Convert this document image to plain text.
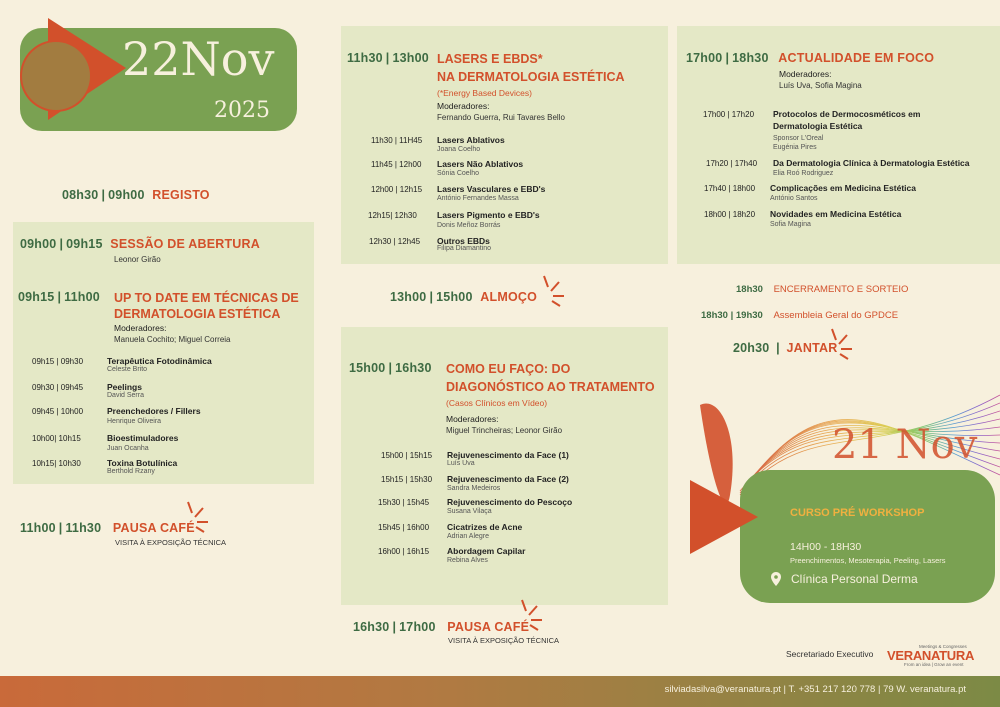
22Nov
2025
08h30 | 09h00 REGISTO
09h00 | 09h15 SESSÃO DE ABERTURA
Leonor Girão
09h15 | 11h00 UP TO DATE EM TÉCNICAS DE
DERMATOLOGIA ESTÉTICA
Moderadores:
Manuela Cochito; Miguel Correia
09h15 | 09h30	Terapêutica Fotodinâmica
Celeste Brito
09h30 | 09h45	Peelings
David Serra
09h45 | 10h00	Preenchedores / Fillers
Henrique Oliveira
10h00| 10h15	Bioestimuladores
Juan Ocanha
10h15| 10h30	Toxina Botulínica
Berthold Rzany
11h00 | 11h30 PAUSA CAFÉ
VISITA À EXPOSIÇÃO TÉCNICA
11h30 | 13h00 LASERS E EBDS*
NA DERMATOLOGIA ESTÉTICA
(*Energy Based Devices)
Moderadores:
Fernando Guerra, Rui Tavares Bello
11h30 | 11H45 Lasers Ablativos
Joana Coelho
11h45 | 12h00 Lasers Não Ablativos
Sónia Coelho
12h00 | 12h15 Lasers Vasculares e EBD's
António Fernandes Massa
12h15| 12h30 Lasers Pigmento e EBD's
Donis Meñoz Borrás
12h30 | 12h45 Outros EBDs
Filipa Diamantino
13h00 | 15h00 ALMOÇO
15h00 | 16h30 COMO EU FAÇO: DO
DIAGONÓSTICO AO TRATAMENTO
(Casos Clínicos em Vídeo)
Moderadores:
Miguel Trincheiras; Leonor Girão
15h00 | 15h15 Rejuvenescimento da Face (1)
Luís Uva
15h15 | 15h30 Rejuvenescimento da Face (2)
Sandra Medeiros
15h30 | 15h45 Rejuvenescimento do Pescoço
Susana Vilaça
15h45 | 16h00 Cicatrizes de Acne
Adrian Alegre
16h00 | 16h15 Abordagem Capilar
Rebina Alves
16h30 | 17h00 PAUSA CAFÉ
VISITA À EXPOSIÇÃO TÉCNICA
17h00 | 18h30 ACTUALIDADE EM FOCO
Moderadores:
Luís Uva, Sofia Magina
17h00 | 17h20 Protocolos de Dermocosméticos em
Dermatologia Estética
Sponsor L'Oreal
Eugénia Pires
17h20 | 17h40 Da Dermatologia Clínica à Dermatologia Estética
Elia Roó Rodriguez
17h40 | 18h00 Complicações em Medicina Estética
António Santos
18h00 | 18h20 Novidades em Medicina Estética
Sofia Magina
18h30 ENCERRAMENTO E SORTEIO
18h30 | 19h30 Assembleia Geral do GPDCE
20h30 | JANTAR
21 Nov
CURSO PRÉ WORKSHOP
14H00 - 18H30
Preenchimentos, Mesoterapia, Peeling, Lasers
Clínica Personal Derma
Secretariado Executivo
Meetings & Congresses
VERANATURA
From an idea | Grow an event
silviadasilva@veranatura.pt | T. +351 217 120 778 | 79 W. veranatura.pt
